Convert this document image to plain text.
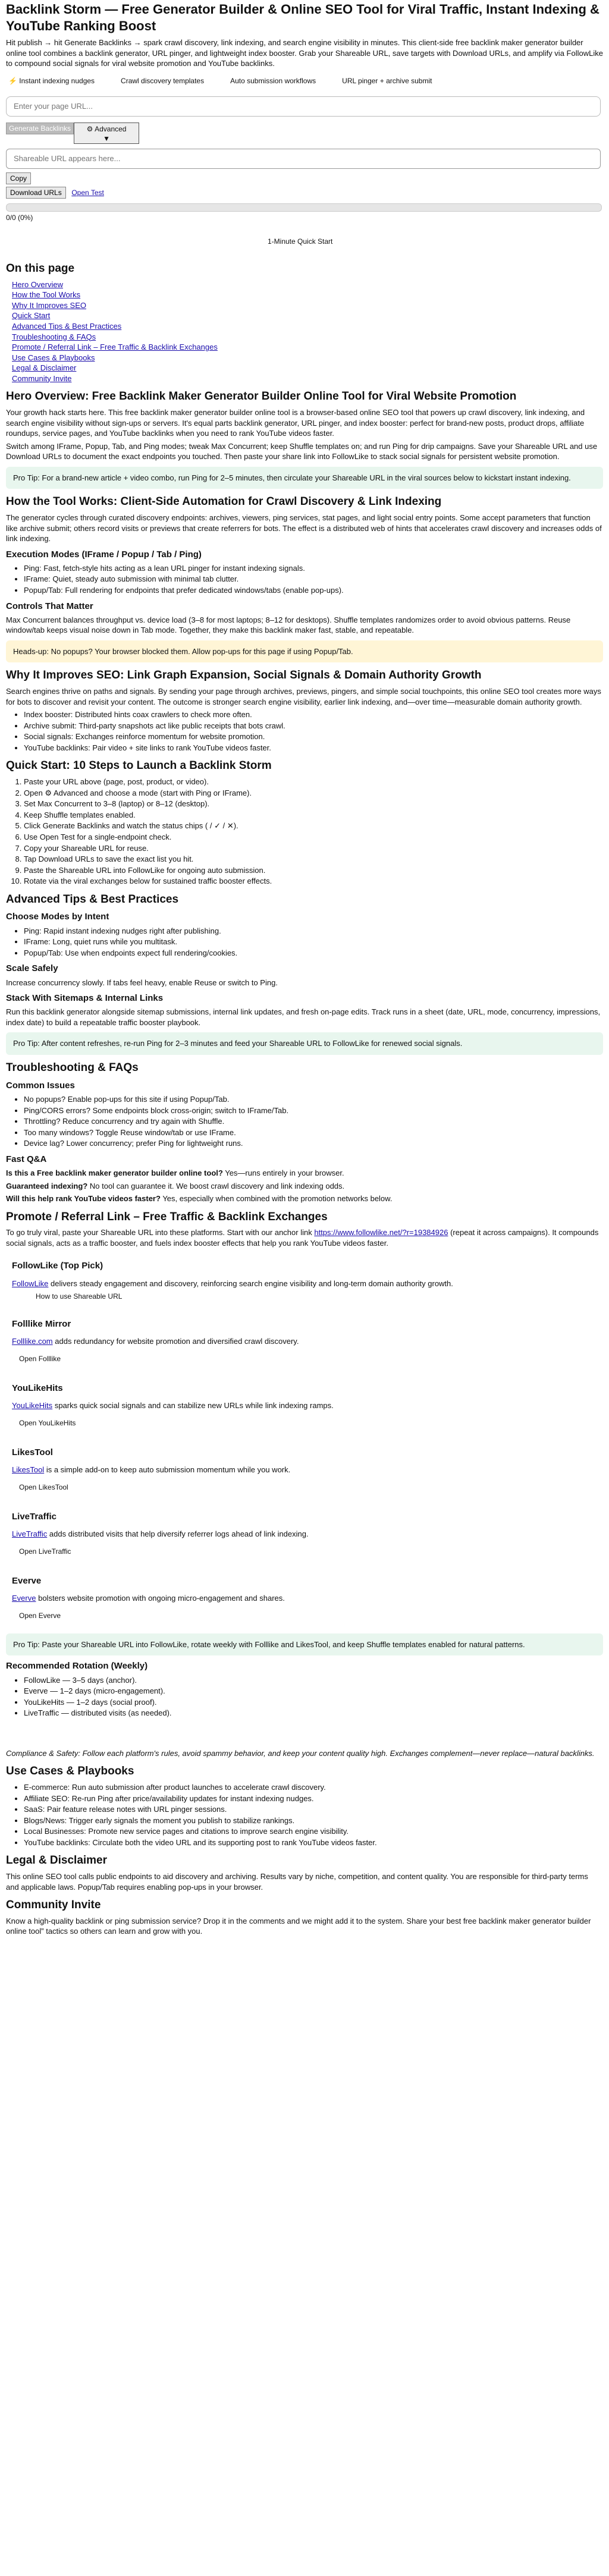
Backlink Storm — Free Generator Builder & Online SEO Tool for Viral Traffic, Instant Indexing & YouTube Ranking Boost

Hit publish → hit Generate Backlinks → spark crawl discovery, link indexing, and search engine visibility in minutes. This client-side free backlink maker generator builder online tool combines a backlink generator, URL pinger, and lightweight index booster. Grab your Shareable URL, save targets with Download URLs, and amplify via FollowLike to compound social signals for viral website promotion and YouTube backlinks.

⚡ Instant indexing nudges	Crawl discovery templates	Auto submission workflows	URL pinger + archive submit
Enter your page URL...
Generate Backlinks	⚙ Advanced
▼
Shareable URL appears here...
Copy
Download URLs Open Test
0/0 (0%)
1-Minute Quick Start
On this page
Hero Overview
How the Tool Works
Why It Improves SEO
Quick Start
Advanced Tips & Best Practices
Troubleshooting & FAQs
Promote / Referral Link – Free Traffic & Backlink Exchanges
Use Cases & Playbooks
Legal & Disclaimer
Community Invite
Hero Overview: Free Backlink Maker Generator Builder Online Tool for Viral Website Promotion

Your growth hack starts here. This free backlink maker generator builder online tool is a browser-based online SEO tool that powers up crawl discovery, link indexing, and search engine visibility without sign-ups or servers. It's equal parts backlink generator, URL pinger, and index booster: perfect for brand-new posts, product drops, affiliate roundups, service pages, and YouTube backlinks when you need to rank YouTube videos faster.

Switch among IFrame, Popup, Tab, and Ping modes; tweak Max Concurrent; keep Shuffle templates on; and run Ping for drip campaigns. Save your Shareable URL and use Download URLs to document the exact endpoints you touched. Then paste your share link into FollowLike to stack social signals for persistent website promotion.

Pro Tip: For a brand-new article + video combo, run Ping for 2–5 minutes, then circulate your Shareable URL in the viral sources below to kickstart instant indexing.
How the Tool Works: Client-Side Automation for Crawl Discovery & Link Indexing

The generator cycles through curated discovery endpoints: archives, viewers, ping services, stat pages, and light social entry points. Some accept parameters that function like archive submit; others record visits or previews that create referrers for bots. The effect is a distributed web of hints that accelerates crawl discovery and increases odds of link indexing.

Execution Modes (IFrame / Popup / Tab / Ping)
• Ping: Fast, fetch-style hits acting as a lean URL pinger for instant indexing signals.
• IFrame: Quiet, steady auto submission with minimal tab clutter.
• Popup/Tab: Full rendering for endpoints that prefer dedicated windows/tabs (enable pop-ups).
Controls That Matter

Max Concurrent balances throughput vs. device load (3–8 for most laptops; 8–12 for desktops). Shuffle templates randomizes order to avoid obvious patterns. Reuse window/tab keeps visual noise down in Tab mode. Together, they make this backlink maker fast, stable, and repeatable.

Heads-up: No popups? Your browser blocked them. Allow pop-ups for this page if using Popup/Tab.
Why It Improves SEO: Link Graph Expansion, Social Signals & Domain Authority Growth

Search engines thrive on paths and signals. By sending your page through archives, previews, pingers, and simple social touchpoints, this online SEO tool creates more ways for bots to discover and revisit your content. The outcome is stronger search engine visibility, earlier link indexing, and—over time—measurable domain authority growth.

• Index booster: Distributed hints coax crawlers to check more often.
• Archive submit: Third-party snapshots act like public receipts that bots crawl.
• Social signals: Exchanges reinforce momentum for website promotion.
• YouTube backlinks: Pair video + site links to rank YouTube videos faster.
Quick Start: 10 Steps to Launch a Backlink Storm
1. Paste your URL above (page, post, product, or video).
2. Open ⚙ Advanced and choose a mode (start with Ping or IFrame).
3. Set Max Concurrent to 3–8 (laptop) or 8–12 (desktop).
4. Keep Shuffle templates enabled.
5. Click Generate Backlinks and watch the status chips ( / ✓ / ✕).
6. Use Open Test for a single-endpoint check.
7. Copy your Shareable URL for reuse.
8. Tap Download URLs to save the exact list you hit.
9. Paste the Shareable URL into FollowLike for ongoing auto submission.
10. Rotate via the viral exchanges below for sustained traffic booster effects.
Advanced Tips & Best Practices
Choose Modes by Intent
• Ping: Rapid instant indexing nudges right after publishing.
• IFrame: Long, quiet runs while you multitask.
• Popup/Tab: Use when endpoints expect full rendering/cookies.
Scale Safely

Increase concurrency slowly. If tabs feel heavy, enable Reuse or switch to Ping.

Stack With Sitemaps & Internal Links

Run this backlink generator alongside sitemap submissions, internal link updates, and fresh on-page edits. Track runs in a sheet (date, URL, mode, concurrency, impressions, index date) to build a repeatable traffic booster playbook.

Pro Tip: After content refreshes, re-run Ping for 2–3 minutes and feed your Shareable URL to FollowLike for renewed social signals.
Troubleshooting & FAQs
Common Issues
• No popups? Enable pop-ups for this site if using Popup/Tab.
• Ping/CORS errors? Some endpoints block cross-origin; switch to IFrame/Tab.
• Throttling? Reduce concurrency and try again with Shuffle.
• Too many windows? Toggle Reuse window/tab or use IFrame.
• Device lag? Lower concurrency; prefer Ping for lightweight runs.
Fast Q&A

Is this a Free backlink maker generator builder online tool? Yes—runs entirely in your browser.

Guaranteed indexing? No tool can guarantee it. We boost crawl discovery and link indexing odds.

Will this help rank YouTube videos faster? Yes, especially when combined with the promotion networks below.

Promote / Referral Link – Free Traffic & Backlink Exchanges

To go truly viral, paste your Shareable URL into these platforms. Start with our anchor link https://www.followlike.net/?r=19384926 (repeat it across campaigns). It compounds social signals, acts as a traffic booster, and fuels index booster effects that help you rank YouTube videos faster.

FollowLike (Top Pick)

FollowLike delivers steady engagement and discovery, reinforcing search engine visibility and long-term domain authority growth.

How to use Shareable URL
Folllike Mirror

Folllike.com adds redundancy for website promotion and diversified crawl discovery.

Open Folllike
YouLikeHits

YouLikeHits sparks quick social signals and can stabilize new URLs while link indexing ramps.

Open YouLikeHits
LikesTool

LikesTool is a simple add-on to keep auto submission momentum while you work.

Open LikesTool
LiveTraffic

LiveTraffic adds distributed visits that help diversify referrer logs ahead of link indexing.

Open LiveTraffic
Everve

Everve bolsters website promotion with ongoing micro-engagement and shares.

Open Everve
Pro Tip: Paste your Shareable URL into FollowLike, rotate weekly with Folllike and LikesTool, and keep Shuffle templates enabled for natural patterns.
Recommended Rotation (Weekly)
• FollowLike — 3–5 days (anchor).
• Everve — 1–2 days (micro-engagement).
• YouLikeHits — 1–2 days (social proof).
• LiveTraffic — distributed visits (as needed).

Compliance & Safety: Follow each platform's rules, avoid spammy behavior, and keep your content quality high. Exchanges complement—never replace—natural backlinks.

Use Cases & Playbooks
• E-commerce: Run auto submission after product launches to accelerate crawl discovery.
• Affiliate SEO: Re-run Ping after price/availability updates for instant indexing nudges.
• SaaS: Pair feature release notes with URL pinger sessions.
• Blogs/News: Trigger early signals the moment you publish to stabilize rankings.
• Local Businesses: Promote new service pages and citations to improve search engine visibility.
• YouTube backlinks: Circulate both the video URL and its supporting post to rank YouTube videos faster.
Legal & Disclaimer

This online SEO tool calls public endpoints to aid discovery and archiving. Results vary by niche, competition, and content quality. You are responsible for third-party terms and applicable laws. Popup/Tab requires enabling pop-ups in your browser.

Community Invite

Know a high-quality backlink or ping submission service? Drop it in the comments and we might add it to the system. Share your best free backlink maker generator builder online tool” tactics so others can learn and grow with you.
